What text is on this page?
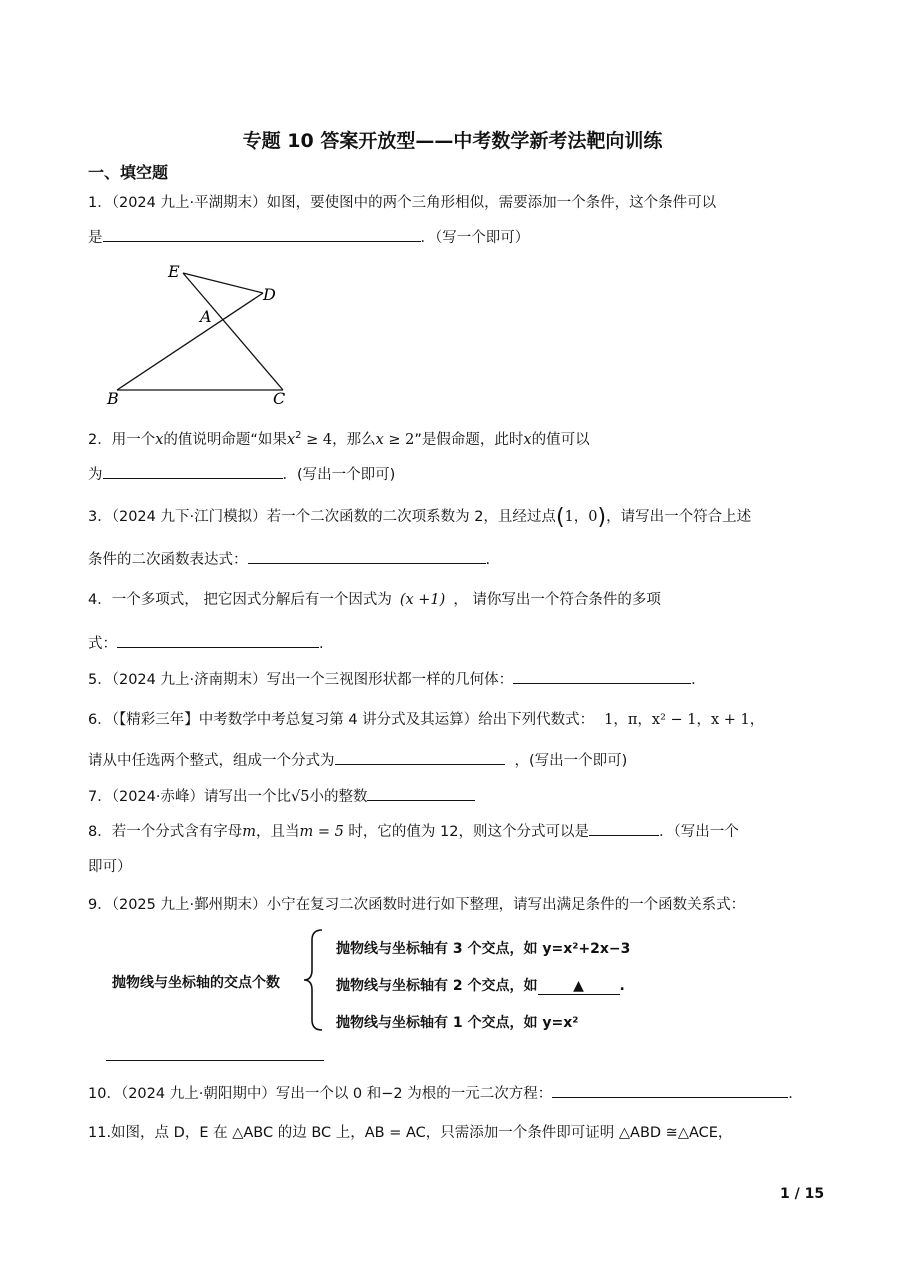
专题 10 答案开放型——中考数学新考法靶向训练
一、填空题
1．（2024 九上·平湖期末）如图，要使图中的两个三角形相似，需要添加一个条件，这个条件可以
是	．（写一个即可）
E
D
A
B	C
2．用一个x的值说明命题“如果$x^2 \ge 4$，那么x ≥ 2”是假命题，此时x的值可以
为	．(写出一个即可)
3．（2024 九下·江门模拟）若一个二次函数的二次项系数为 2，且经过点(1，0)，请写出一个符合上述
条件的二次函数表达式：	.
4．一个多项式， 把它因式分解后有一个因式为 (x +1) ， 请你写出一个符合条件的多项
式：	.
5．（2024 九上·济南期末）写出一个三视图形状都一样的几何体：	.
6．（【精彩三年】中考数学中考总复习第 4 讲分式及其运算）给出下列代数式： 1，π，x² − 1，x + 1，
请从中任选两个整式，组成一个分式为	，(写出一个即可)
7．（2024·赤峰）请写出一个比√5小的整数
8．若一个分式含有字母m，且当m = 5 时，它的值为 12，则这个分式可以是	．（写出一个
即可）
9．（2025 九上·鄞州期末）小宁在复习二次函数时进行如下整理，请写出满足条件的一个函数关系式：
抛物线与坐标轴的交点个数
抛物线与坐标轴有 3 个交点，如 y=x²+2x−3
抛物线与坐标轴有 2 个交点，如	▲	.
抛物线与坐标轴有 1 个交点，如 y=x²
10．（2024 九上·朝阳期中）写出一个以 0 和−2 为根的一元二次方程：	.
11.如图，点 D，E 在 △ABC 的边 BC 上，AB = AC，只需添加一个条件即可证明 △ABD ≅△ACE，
1 / 15
